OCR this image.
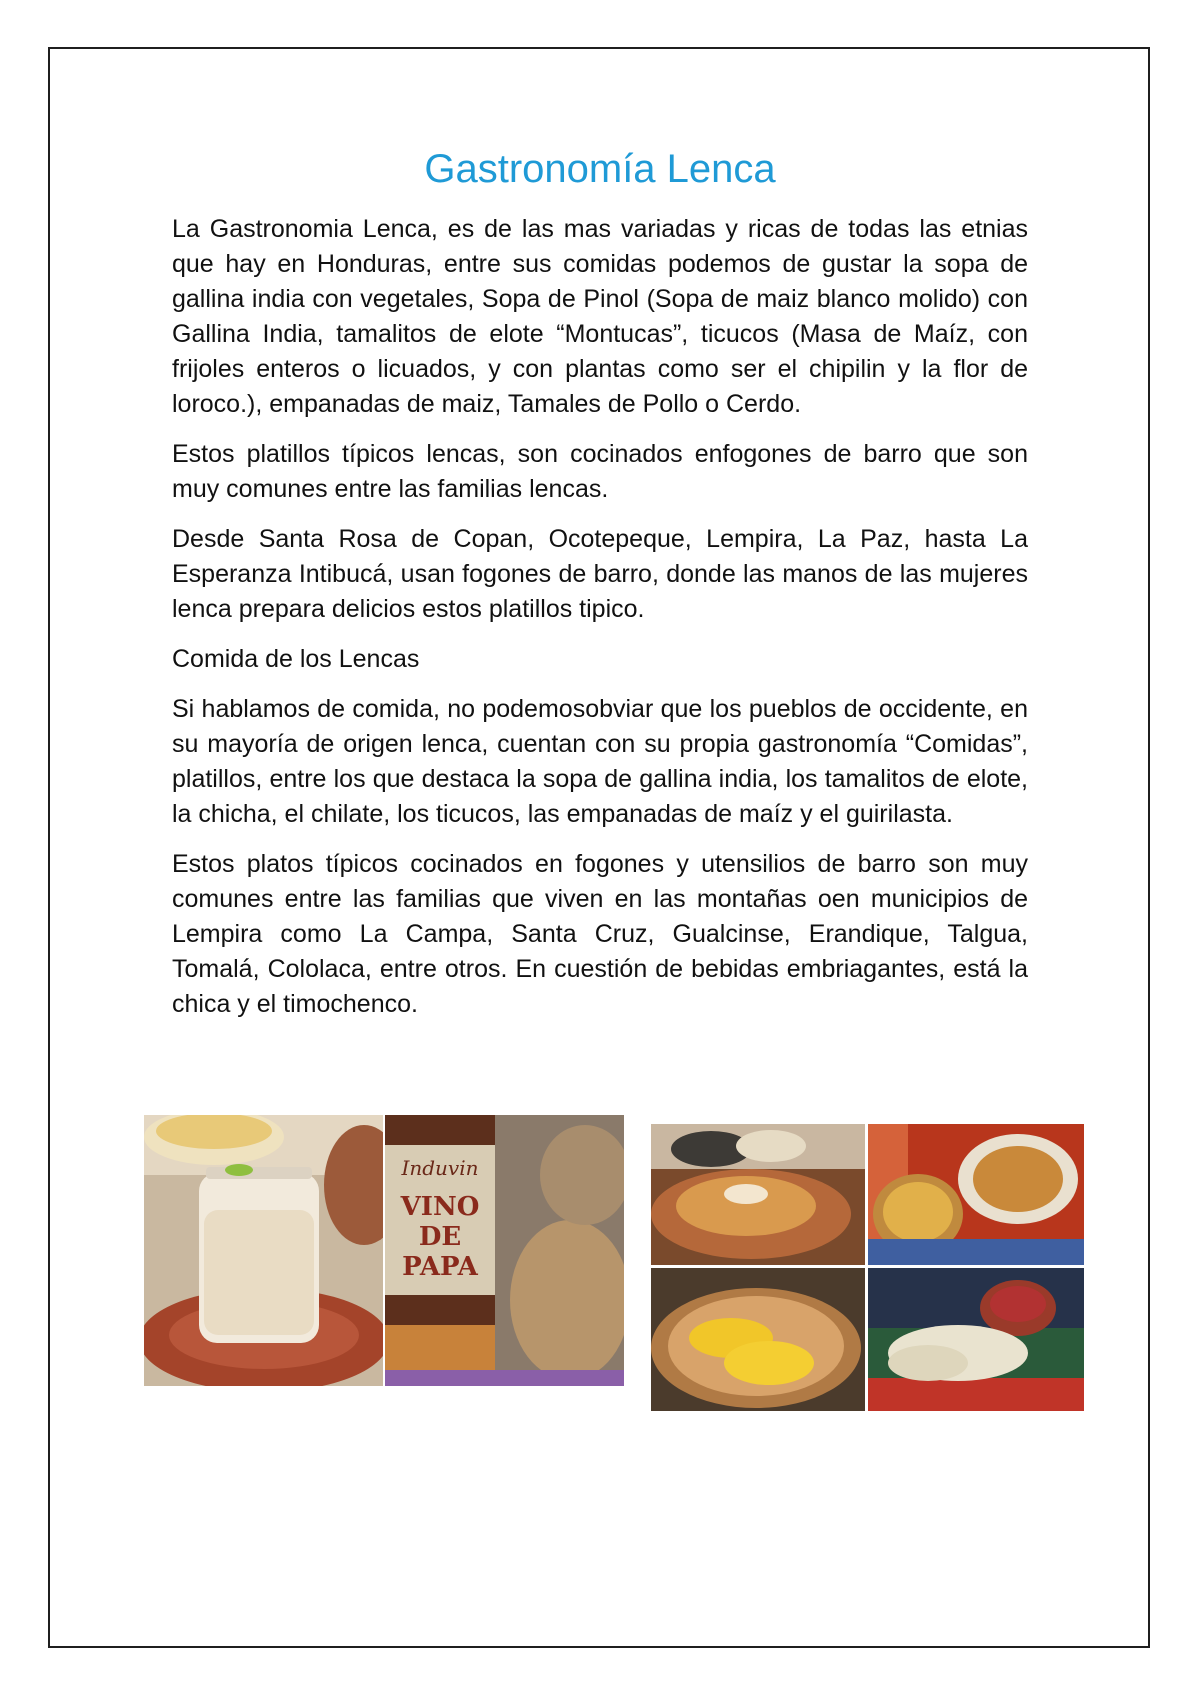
Gastronomía Lenca

La Gastronomia Lenca, es de las mas variadas y ricas de todas las etnias que hay en Honduras, entre sus comidas podemos de gustar la sopa de gallina india con vegetales, Sopa de Pinol (Sopa de maiz blanco molido) con Gallina India, tamalitos de elote “Montucas”, ticucos (Masa de Maíz, con frijoles enteros o licuados, y con plantas como ser el chipilin y la flor de loroco.), empanadas de maiz, Tamales de Pollo o Cerdo.

Estos platillos típicos lencas, son cocinados enfogones de barro que son muy comunes entre las familias lencas.

Desde Santa Rosa de Copan, Ocotepeque, Lempira, La Paz, hasta La Esperanza Intibucá, usan fogones de barro, donde las manos de las mujeres lenca prepara delicios estos platillos tipico.

Comida de los Lencas

Si hablamos de comida, no podemosobviar que los pueblos de occidente, en su mayoría de origen lenca, cuentan con su propia gastronomía “Comidas”, platillos, entre los que destaca la sopa de gallina india, los tamalitos de elote, la chicha, el chilate, los ticucos, las empanadas de maíz y el guirilasta.

Estos platos típicos cocinados en fogones y utensilios de barro son muy comunes entre las familias que viven en las montañas oen municipios de Lempira como La Campa, Santa Cruz, Gualcinse, Erandique, Talgua, Tomalá, Cololaca, entre otros. En cuestión de bebidas embriagantes, está la chica y el timochenco.

Induvin
VINO
DE
PAPA
